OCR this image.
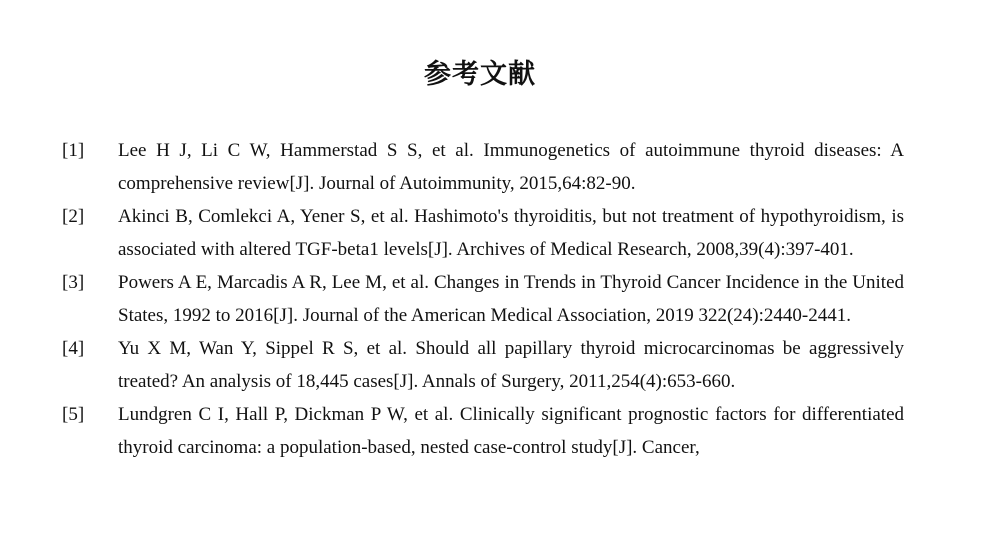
参考文献
[1]	Lee H J, Li C W, Hammerstad S S, et al. Immunogenetics of autoimmune thyroid diseases: A comprehensive review[J]. Journal of Autoimmunity, 2015,64:82-90.
[2]	Akinci B, Comlekci A, Yener S, et al. Hashimoto's thyroiditis, but not treatment of hypothyroidism, is associated with altered TGF-beta1 levels[J]. Archives of Medical Research, 2008,39(4):397-401.
[3]	Powers A E, Marcadis A R, Lee M, et al. Changes in Trends in Thyroid Cancer Incidence in the United States, 1992 to 2016[J]. Journal of the American Medical Association, 2019 322(24):2440-2441.
[4]	Yu X M, Wan Y, Sippel R S, et al. Should all papillary thyroid microcarcinomas be aggressively treated? An analysis of 18,445 cases[J]. Annals of Surgery, 2011,254(4):653-660.
[5]	Lundgren C I, Hall P, Dickman P W, et al. Clinically significant prognostic factors for differentiated thyroid carcinoma: a population-based, nested case-control study[J]. Cancer,
